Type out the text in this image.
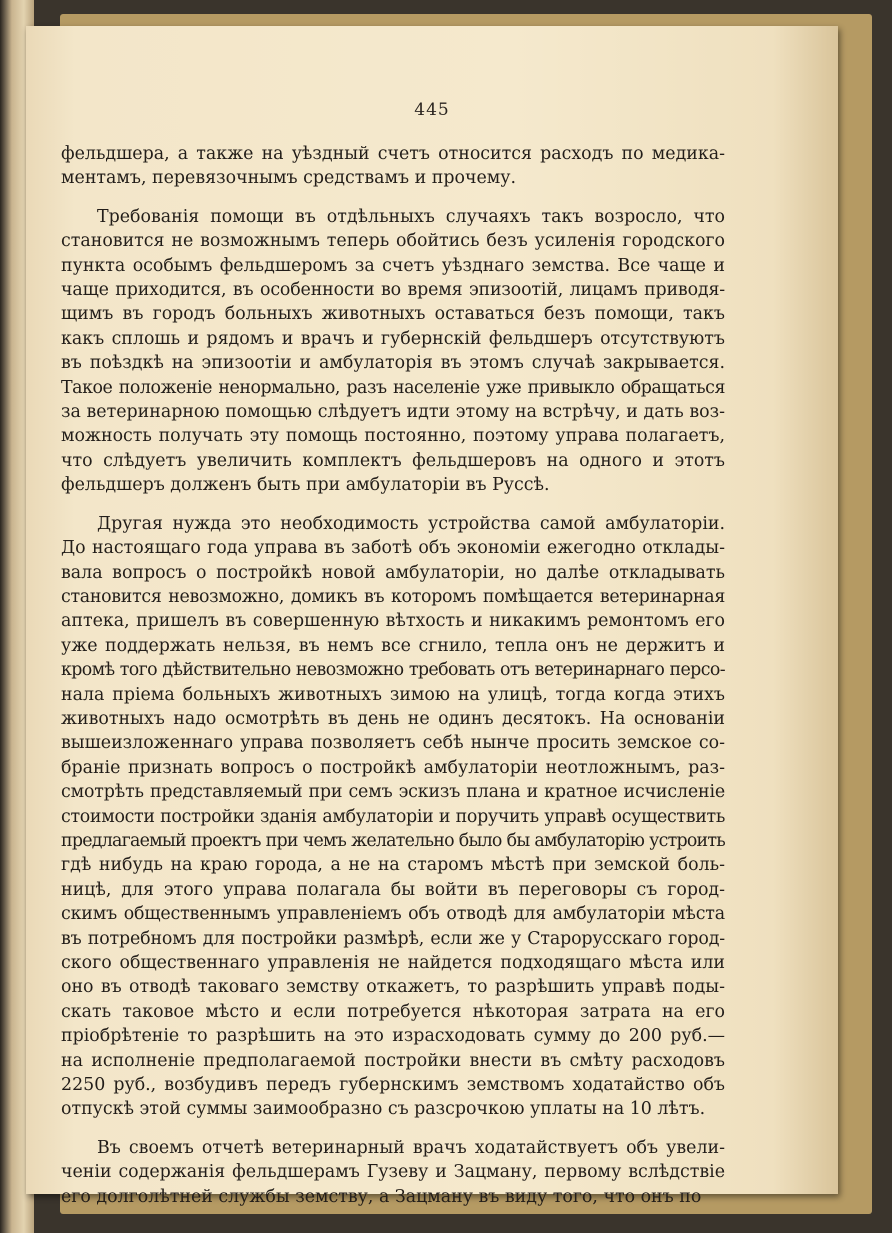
445
фельдшера, а также на уѣздный счетъ относится расходъ по медика-
ментамъ, перевязочнымъ средствамъ и прочему.
Требованія помощи въ отдѣльныхъ случаяхъ такъ возросло, что
становится не возможнымъ теперь обойтись безъ усиленія городского
пункта особымъ фельдшеромъ за счетъ уѣзднаго земства. Все чаще и
чаще приходится, въ особенности во время эпизоотій, лицамъ приводя-
щимъ въ городъ больныхъ животныхъ оставаться безъ помощи, такъ
какъ сплошь и рядомъ и врачъ и губернскій фельдшеръ отсутствуютъ
въ поѣздкѣ на эпизоотіи и амбулаторія въ этомъ случаѣ закрывается.
Такое положеніе ненормально, разъ населеніе уже привыкло обращаться
за ветеринарною помощью слѣдуетъ идти этому на встрѣчу, и дать воз-
можность получать эту помощь постоянно, поэтому управа полагаетъ,
что слѣдуетъ увеличить комплектъ фельдшеровъ на одного и этотъ
фельдшеръ долженъ быть при амбулаторіи въ Руссѣ.
Другая нужда это необходимость устройства самой амбулаторіи.
До настоящаго года управа въ заботѣ объ экономіи ежегодно отклады-
вала вопросъ о постройкѣ новой амбулаторіи, но далѣе откладывать
становится невозможно, домикъ въ которомъ помѣщается ветеринарная
аптека, пришелъ въ совершенную вѣтхость и никакимъ ремонтомъ его
уже поддержать нельзя, въ немъ все сгнило, тепла онъ не держитъ и
кромѣ того дѣйствительно невозможно требовать отъ ветеринарнаго персо-
нала пріема больныхъ животныхъ зимою на улицѣ, тогда когда этихъ
животныхъ надо осмотрѣть въ день не одинъ десятокъ. На основаніи
вышеизложеннаго управа позволяетъ себѣ нынче просить земское со-
браніе признать вопросъ о постройкѣ амбулаторіи неотложнымъ, раз-
смотрѣть представляемый при семъ эскизъ плана и кратное исчисленіе
стоимости постройки зданія амбулаторіи и поручить управѣ осуществить
предлагаемый проектъ при чемъ желательно было бы амбулаторію устроить
гдѣ нибудь на краю города, а не на старомъ мѣстѣ при земской боль-
ницѣ, для этого управа полагала бы войти въ переговоры съ город-
скимъ общественнымъ управленіемъ объ отводѣ для амбулаторіи мѣста
въ потребномъ для постройки размѣрѣ, если же у Старорусскаго город-
ского общественнаго управленія не найдется подходящаго мѣста или
оно въ отводѣ таковаго земству откажетъ, то разрѣшить управѣ поды-
скать таковое мѣсто и если потребуется нѣкоторая затрата на его
пріобрѣтеніе то разрѣшить на это израсходовать сумму до 200 руб.—
на исполненіе предполагаемой постройки внести въ смѣту расходовъ
2250 руб., возбудивъ передъ губернскимъ земствомъ ходатайство объ
отпускѣ этой суммы заимообразно съ разсрочкою уплаты на 10 лѣтъ.
Въ своемъ отчетѣ ветеринарный врачъ ходатайствуетъ объ увели-
ченіи содержанія фельдшерамъ Гузеву и Зацману, первому вслѣдствіе
его долголѣтней службы земству, а Зацману въ виду того, что онъ по
